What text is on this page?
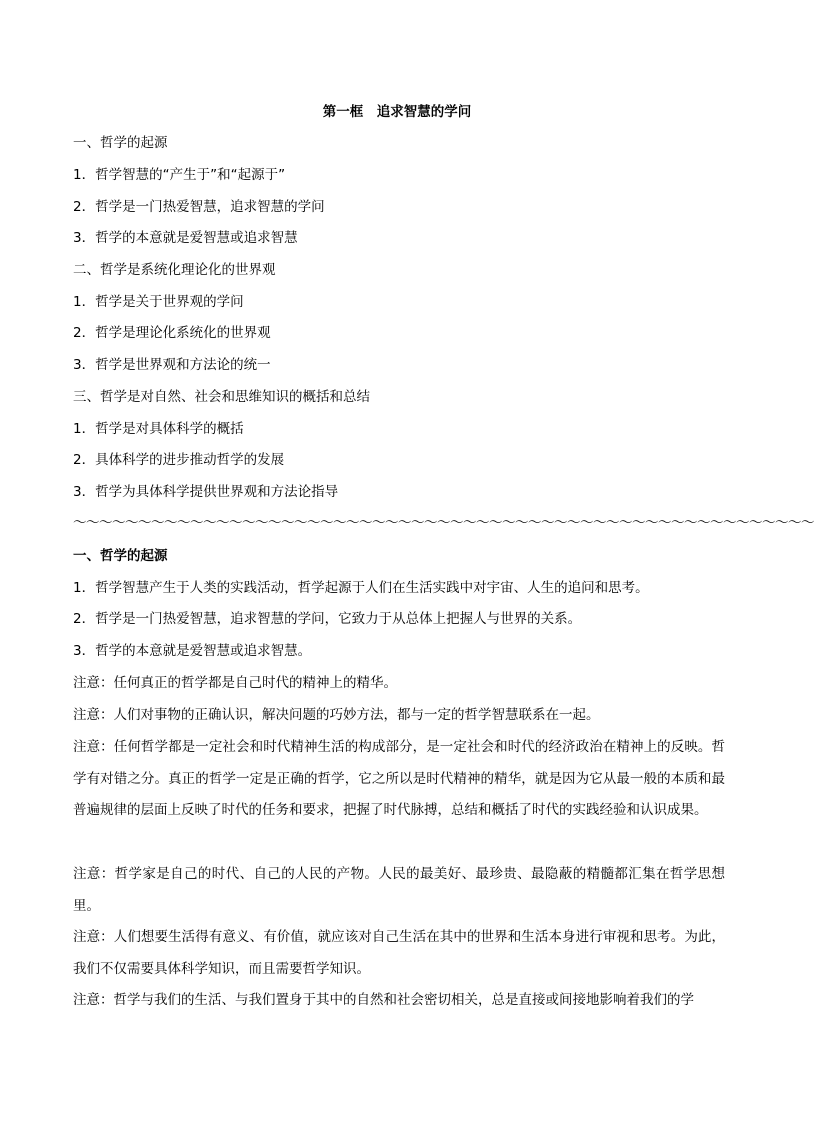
第一框　追求智慧的学问
一、哲学的起源
1．哲学智慧的“产生于”和“起源于”
2．哲学是一门热爱智慧，追求智慧的学问
3．哲学的本意就是爱智慧或追求智慧
二、哲学是系统化理论化的世界观
1．哲学是关于世界观的学问
2．哲学是理论化系统化的世界观
3．哲学是世界观和方法论的统一
三、哲学是对自然、社会和思维知识的概括和总结
1．哲学是对具体科学的概括
2．具体科学的进步推动哲学的发展
3．哲学为具体科学提供世界观和方法论指导
～～～～～～～～～～～～～～～～～～～～～～～～～～～～～～～～～～～～～～～～～～～～～～～～～～～～～～～～～
一、哲学的起源
1．哲学智慧产生于人类的实践活动，哲学起源于人们在生活实践中对宇宙、人生的追问和思考。
2．哲学是一门热爱智慧，追求智慧的学问，它致力于从总体上把握人与世界的关系。
3．哲学的本意就是爱智慧或追求智慧。
注意：任何真正的哲学都是自己时代的精神上的精华。
注意：人们对事物的正确认识，解决问题的巧妙方法，都与一定的哲学智慧联系在一起。
注意：任何哲学都是一定社会和时代精神生活的构成部分，是一定社会和时代的经济政治在精神上的反映。哲学有对错之分。真正的哲学一定是正确的哲学，它之所以是时代精神的精华，就是因为它从最一般的本质和最普遍规律的层面上反映了时代的任务和要求，把握了时代脉搏，总结和概括了时代的实践经验和认识成果。
注意：哲学家是自己的时代、自己的人民的产物。人民的最美好、最珍贵、最隐蔽的精髓都汇集在哲学思想里。
注意：人们想要生活得有意义、有价值，就应该对自己生活在其中的世界和生活本身进行审视和思考。为此，我们不仅需要具体科学知识，而且需要哲学知识。
注意：哲学与我们的生活、与我们置身于其中的自然和社会密切相关，总是直接或间接地影响着我们的学
